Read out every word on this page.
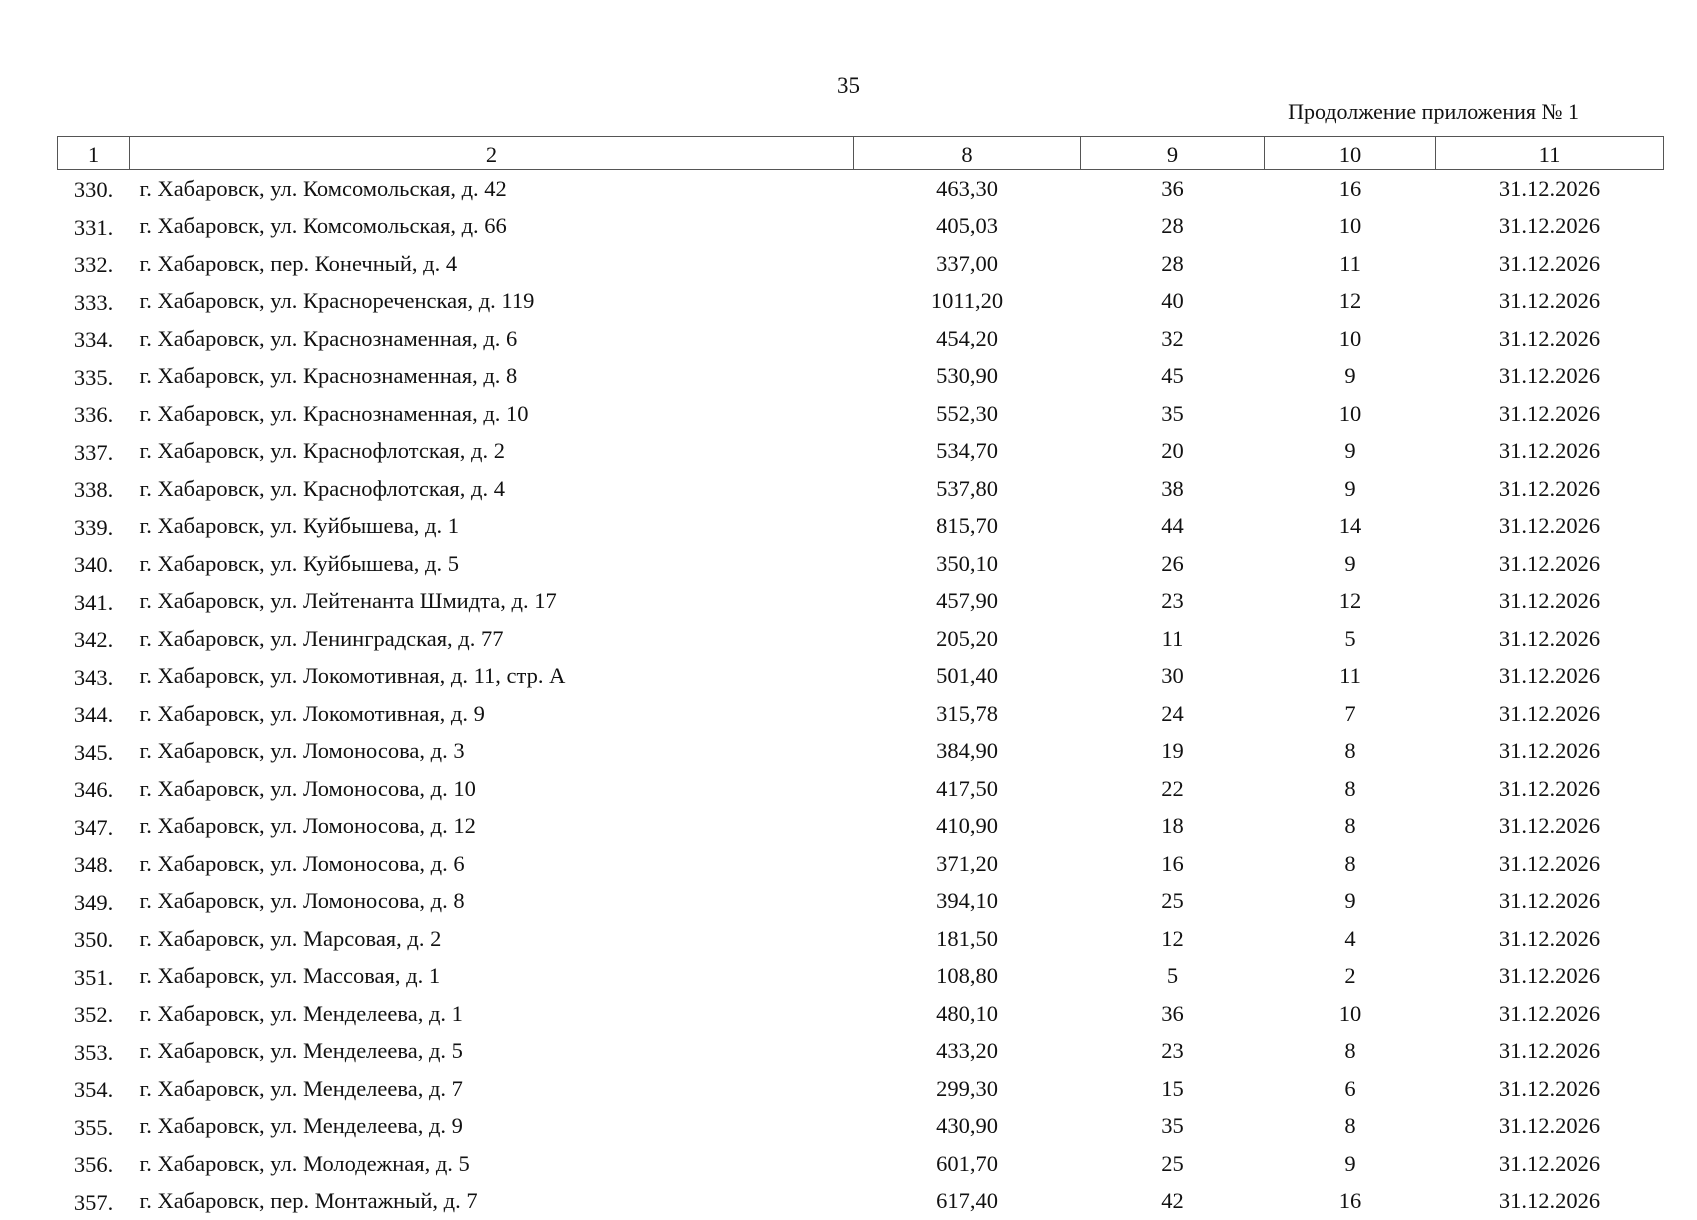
35
Продолжение приложения № 1
1	2	8	9	10	11
330.	г. Хабаровск, ул. Комсомольская, д. 42	463,30	36	16	31.12.2026
331.	г. Хабаровск, ул. Комсомольская, д. 66	405,03	28	10	31.12.2026
332.	г. Хабаровск, пер. Конечный, д. 4	337,00	28	11	31.12.2026
333.	г. Хабаровск, ул. Краснореченская, д. 119	1011,20	40	12	31.12.2026
334.	г. Хабаровск, ул. Краснознаменная, д. 6	454,20	32	10	31.12.2026
335.	г. Хабаровск, ул. Краснознаменная, д. 8	530,90	45	9	31.12.2026
336.	г. Хабаровск, ул. Краснознаменная, д. 10	552,30	35	10	31.12.2026
337.	г. Хабаровск, ул. Краснофлотская, д. 2	534,70	20	9	31.12.2026
338.	г. Хабаровск, ул. Краснофлотская, д. 4	537,80	38	9	31.12.2026
339.	г. Хабаровск, ул. Куйбышева, д. 1	815,70	44	14	31.12.2026
340.	г. Хабаровск, ул. Куйбышева, д. 5	350,10	26	9	31.12.2026
341.	г. Хабаровск, ул. Лейтенанта Шмидта, д. 17	457,90	23	12	31.12.2026
342.	г. Хабаровск, ул. Ленинградская, д. 77	205,20	11	5	31.12.2026
343.	г. Хабаровск, ул. Локомотивная, д. 11, стр. А	501,40	30	11	31.12.2026
344.	г. Хабаровск, ул. Локомотивная, д. 9	315,78	24	7	31.12.2026
345.	г. Хабаровск, ул. Ломоносова, д. 3	384,90	19	8	31.12.2026
346.	г. Хабаровск, ул. Ломоносова, д. 10	417,50	22	8	31.12.2026
347.	г. Хабаровск, ул. Ломоносова, д. 12	410,90	18	8	31.12.2026
348.	г. Хабаровск, ул. Ломоносова, д. 6	371,20	16	8	31.12.2026
349.	г. Хабаровск, ул. Ломоносова, д. 8	394,10	25	9	31.12.2026
350.	г. Хабаровск, ул. Марсовая, д. 2	181,50	12	4	31.12.2026
351.	г. Хабаровск, ул. Массовая, д. 1	108,80	5	2	31.12.2026
352.	г. Хабаровск, ул. Менделеева, д. 1	480,10	36	10	31.12.2026
353.	г. Хабаровск, ул. Менделеева, д. 5	433,20	23	8	31.12.2026
354.	г. Хабаровск, ул. Менделеева, д. 7	299,30	15	6	31.12.2026
355.	г. Хабаровск, ул. Менделеева, д. 9	430,90	35	8	31.12.2026
356.	г. Хабаровск, ул. Молодежная, д. 5	601,70	25	9	31.12.2026
357.	г. Хабаровск, пер. Монтажный, д. 7	617,40	42	16	31.12.2026
